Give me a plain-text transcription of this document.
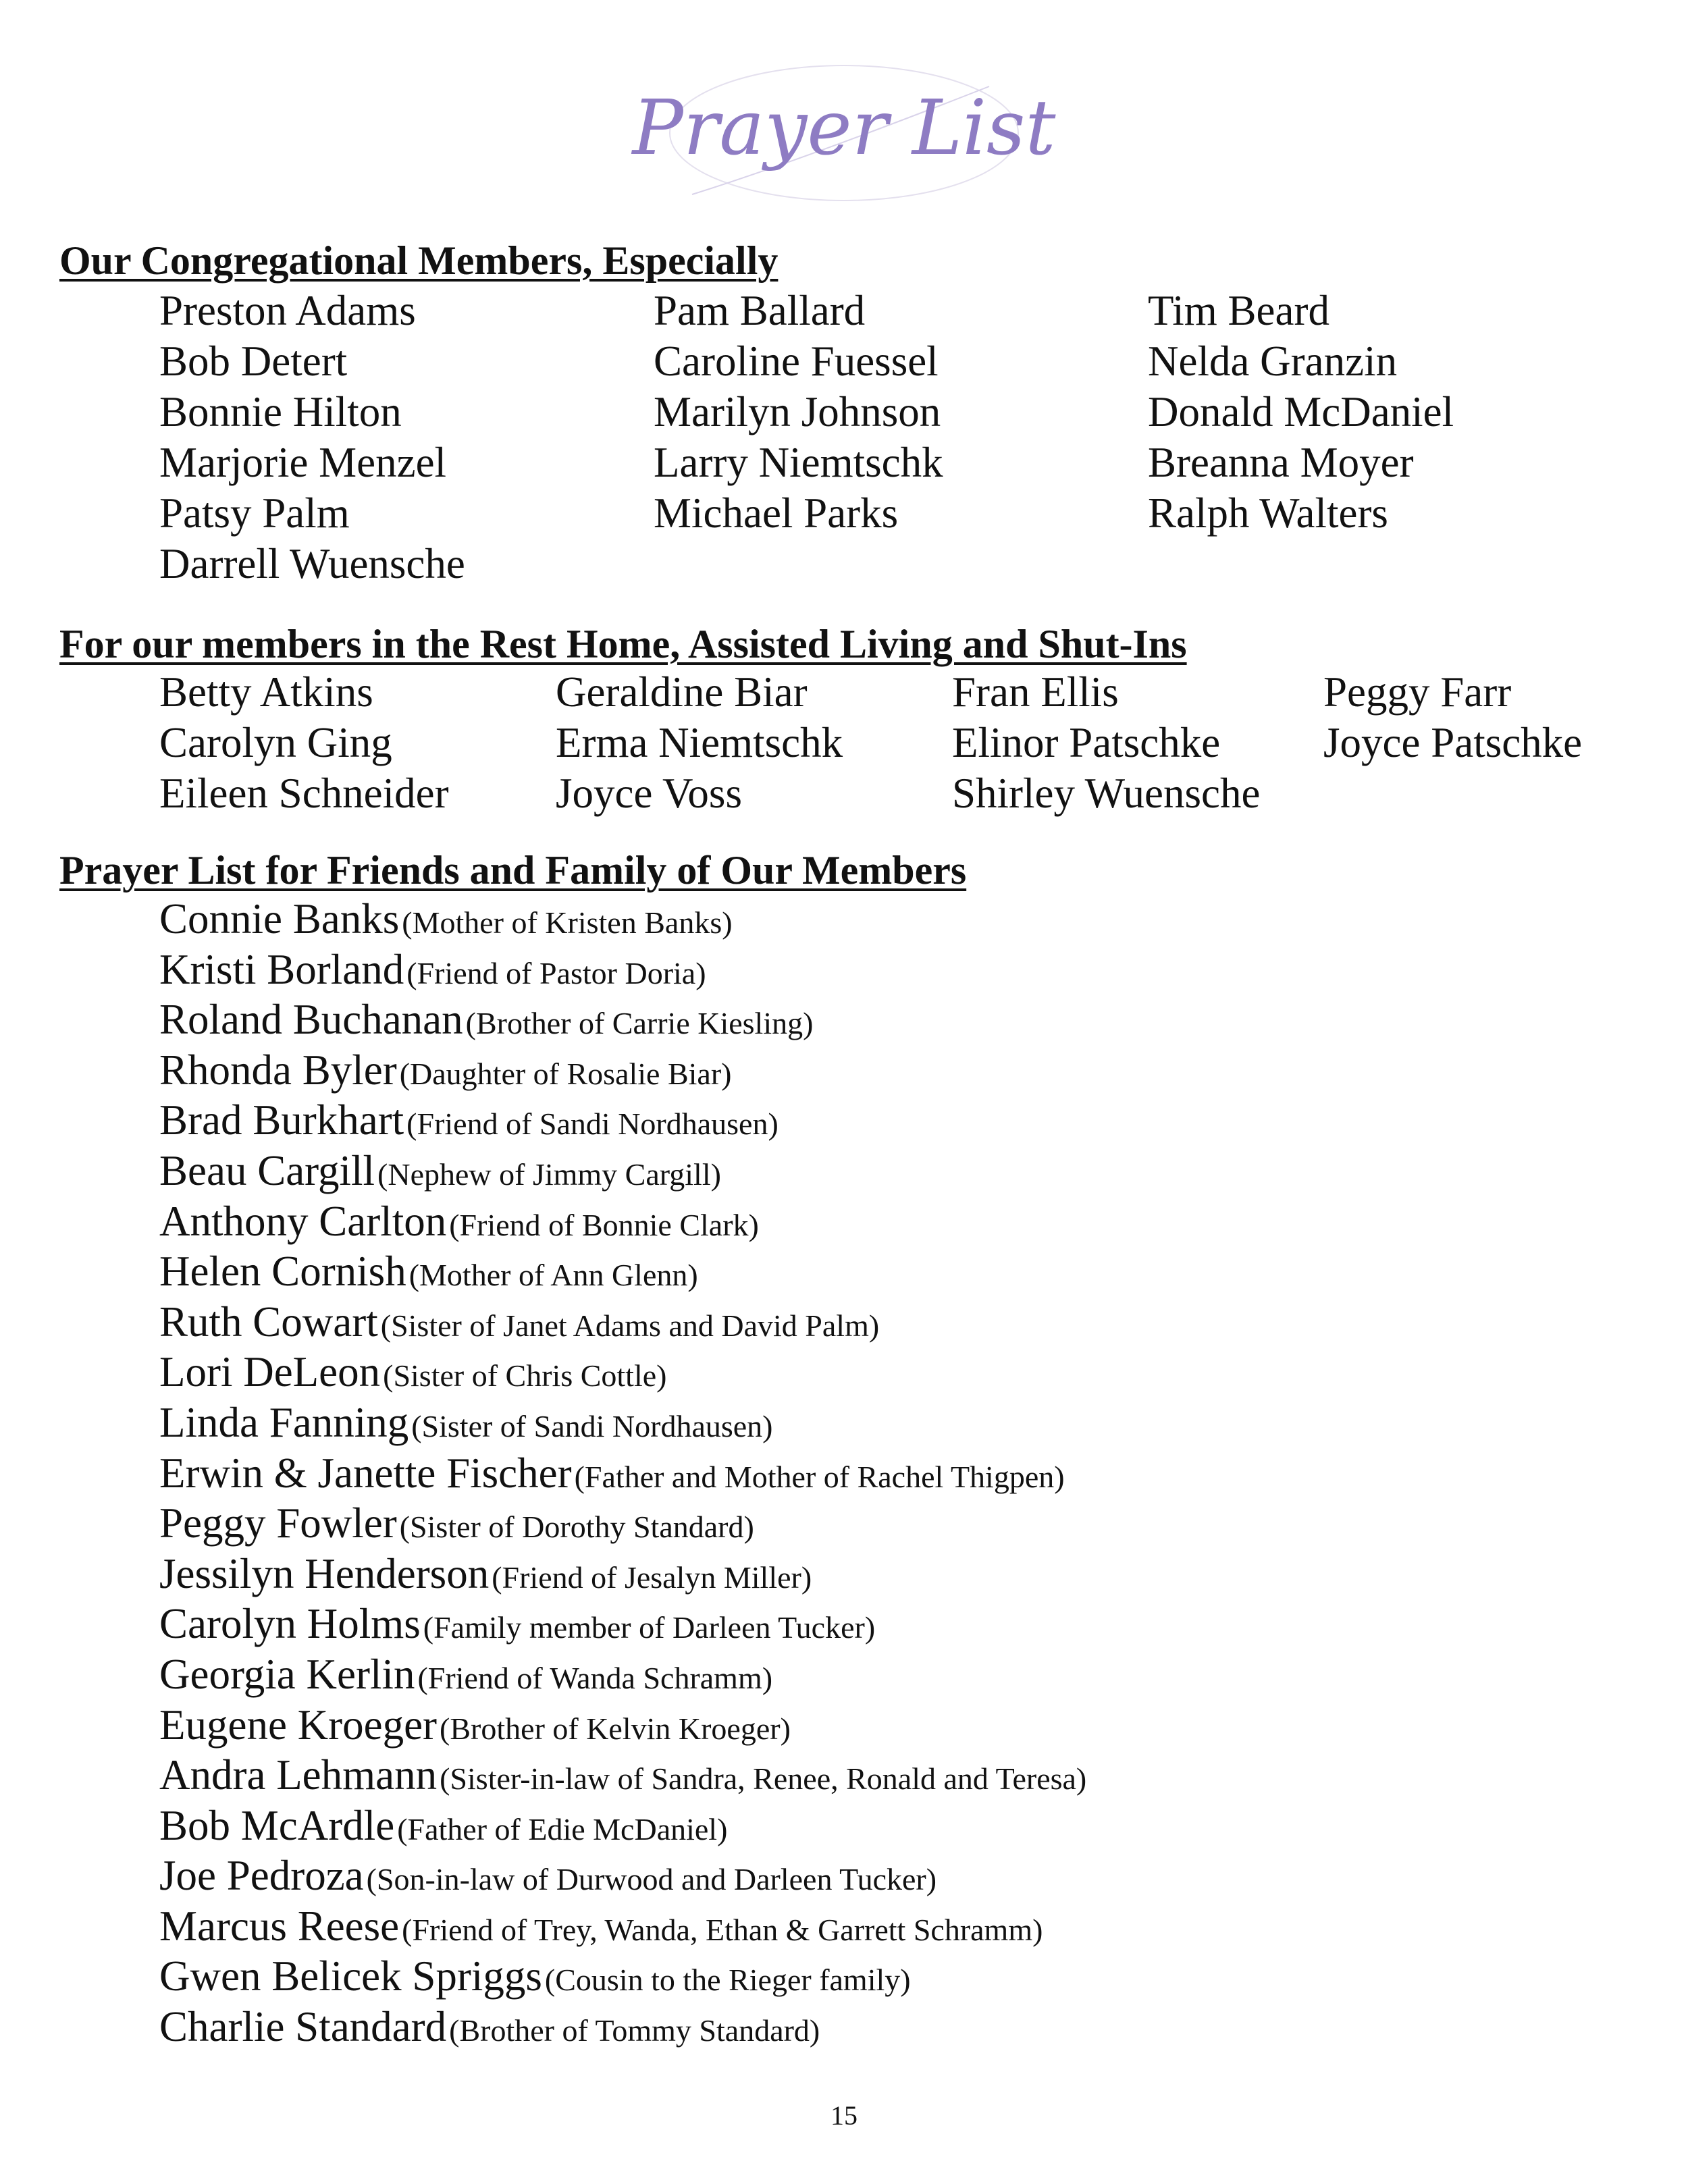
Prayer List
Our Congregational Members, Especially
Preston Adams	Pam Ballard	Tim Beard
Bob Detert	Caroline Fuessel	Nelda Granzin
Bonnie Hilton	Marilyn Johnson	Donald McDaniel
Marjorie Menzel	Larry Niemtschk	Breanna Moyer
Patsy Palm	Michael Parks	Ralph Walters
Darrell Wuensche
For our members in the Rest Home, Assisted Living and Shut-Ins
Betty Atkins	Geraldine Biar	Fran Ellis	Peggy Farr
Carolyn Ging	Erma Niemtschk	Elinor Patschke	Joyce Patschke
Eileen Schneider	Joyce Voss	Shirley Wuensche
Prayer List for Friends and Family of Our Members
Connie Banks (Mother of Kristen Banks)
Kristi Borland (Friend of Pastor Doria)
Roland Buchanan (Brother of Carrie Kiesling)
Rhonda Byler (Daughter of Rosalie Biar)
Brad Burkhart (Friend of Sandi Nordhausen)
Beau Cargill (Nephew of Jimmy Cargill)
Anthony Carlton (Friend of Bonnie Clark)
Helen Cornish (Mother of Ann Glenn)
Ruth Cowart (Sister of Janet Adams and David Palm)
Lori DeLeon (Sister of Chris Cottle)
Linda Fanning (Sister of Sandi Nordhausen)
Erwin & Janette Fischer (Father and Mother of Rachel Thigpen)
Peggy Fowler (Sister of Dorothy Standard)
Jessilyn Henderson (Friend of Jesalyn Miller)
Carolyn Holms (Family member of Darleen Tucker)
Georgia Kerlin (Friend of Wanda Schramm)
Eugene Kroeger (Brother of Kelvin Kroeger)
Andra Lehmann (Sister-in-law of Sandra, Renee, Ronald and Teresa)
Bob McArdle (Father of Edie McDaniel)
Joe Pedroza (Son-in-law of Durwood and Darleen Tucker)
Marcus Reese (Friend of Trey, Wanda, Ethan & Garrett Schramm)
Gwen Belicek Spriggs (Cousin to the Rieger family)
Charlie Standard (Brother of Tommy Standard)
15
